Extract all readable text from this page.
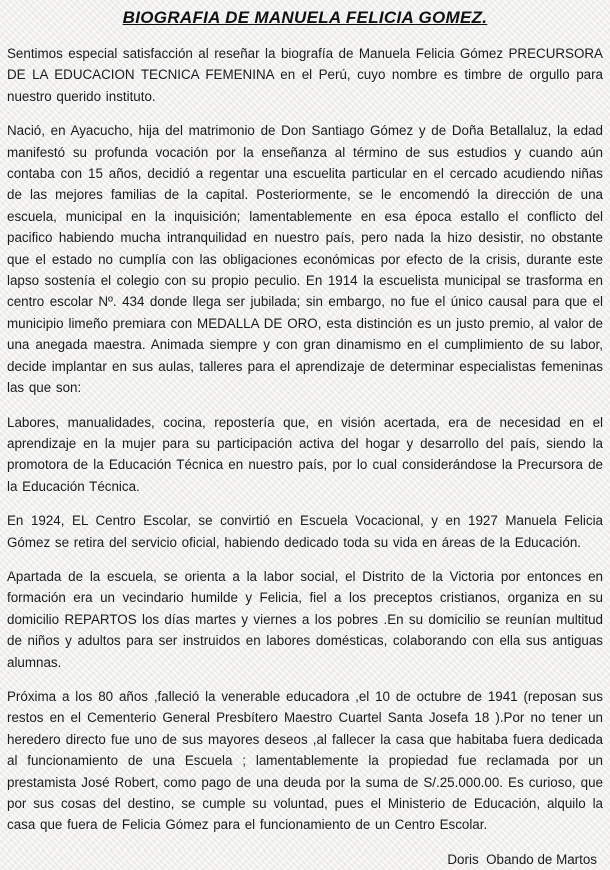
BIOGRAFIA DE MANUELA FELICIA GOMEZ.

Sentimos especial satisfacción al reseñar la biografía de Manuela Felicia Gómez PRECURSORA DE LA EDUCACION TECNICA FEMENINA en el Perú, cuyo nombre es timbre de orgullo para nuestro querido instituto.

Nació, en Ayacucho, hija del matrimonio de Don Santiago Gómez y de Doña Betallaluz, la edad manifestó su profunda vocación por la enseñanza al término de sus estudios y cuando aún contaba con 15 años, decidió a regentar una escuelita particular en el cercado acudiendo niñas de las mejores familias de la capital. Posteriormente, se le encomendó la dirección de una escuela, municipal en la inquisición; lamentablemente en esa época estallo el conflicto del pacifico habiendo mucha intranquilidad en nuestro país, pero nada la hizo desistir, no obstante que el estado no cumplía con las obligaciones económicas por efecto de la crisis, durante este lapso sostenía el colegio con su propio peculio. En 1914 la escuelista municipal se trasforma en centro escolar Nº. 434 donde llega ser jubilada; sin embargo, no fue el único causal para que el municipio limeño premiara con MEDALLA DE ORO, esta distinción es un justo premio, al valor de una anegada maestra. Animada siempre y con gran dinamismo en el cumplimiento de su labor, decide implantar en sus aulas, talleres para el aprendizaje de determinar especialistas femeninas las que son:

Labores, manualidades, cocina, repostería que, en visión acertada, era de necesidad en el aprendizaje en la mujer para su participación activa del hogar y desarrollo del país, siendo la promotora de la Educación Técnica en nuestro país, por lo cual considerándose la Precursora de la Educación Técnica.

En 1924, EL Centro Escolar, se convirtió en Escuela Vocacional, y en 1927 Manuela Felicia Gómez se retira del servicio oficial, habiendo dedicado toda su vida en áreas de la Educación.

Apartada de la escuela, se orienta a la labor social, el Distrito de la Victoria por entonces en formación era un vecindario humilde y Felicia, fiel a los preceptos cristianos, organiza en su domicilio REPARTOS los días martes y viernes a los pobres .En su domicilio se reunían multitud de niños y adultos para ser instruidos en labores domésticas, colaborando con ella sus antiguas alumnas.

Próxima a los 80 años ,falleció la venerable educadora ,el 10 de octubre de 1941 (reposan sus restos en el Cementerio General Presbítero Maestro Cuartel Santa Josefa 18 ).Por no tener un heredero directo fue uno de sus mayores deseos ,al fallecer la casa que habitaba fuera dedicada al funcionamiento de una Escuela ; lamentablemente la propiedad fue reclamada por un prestamista José Robert, como pago de una deuda por la suma de S/.25.000.00. Es curioso, que por sus cosas del destino, se cumple su voluntad, pues el Ministerio de Educación, alquilo la casa que fuera de Felicia Gómez para el funcionamiento de un Centro Escolar.

Doris  Obando de Martos
